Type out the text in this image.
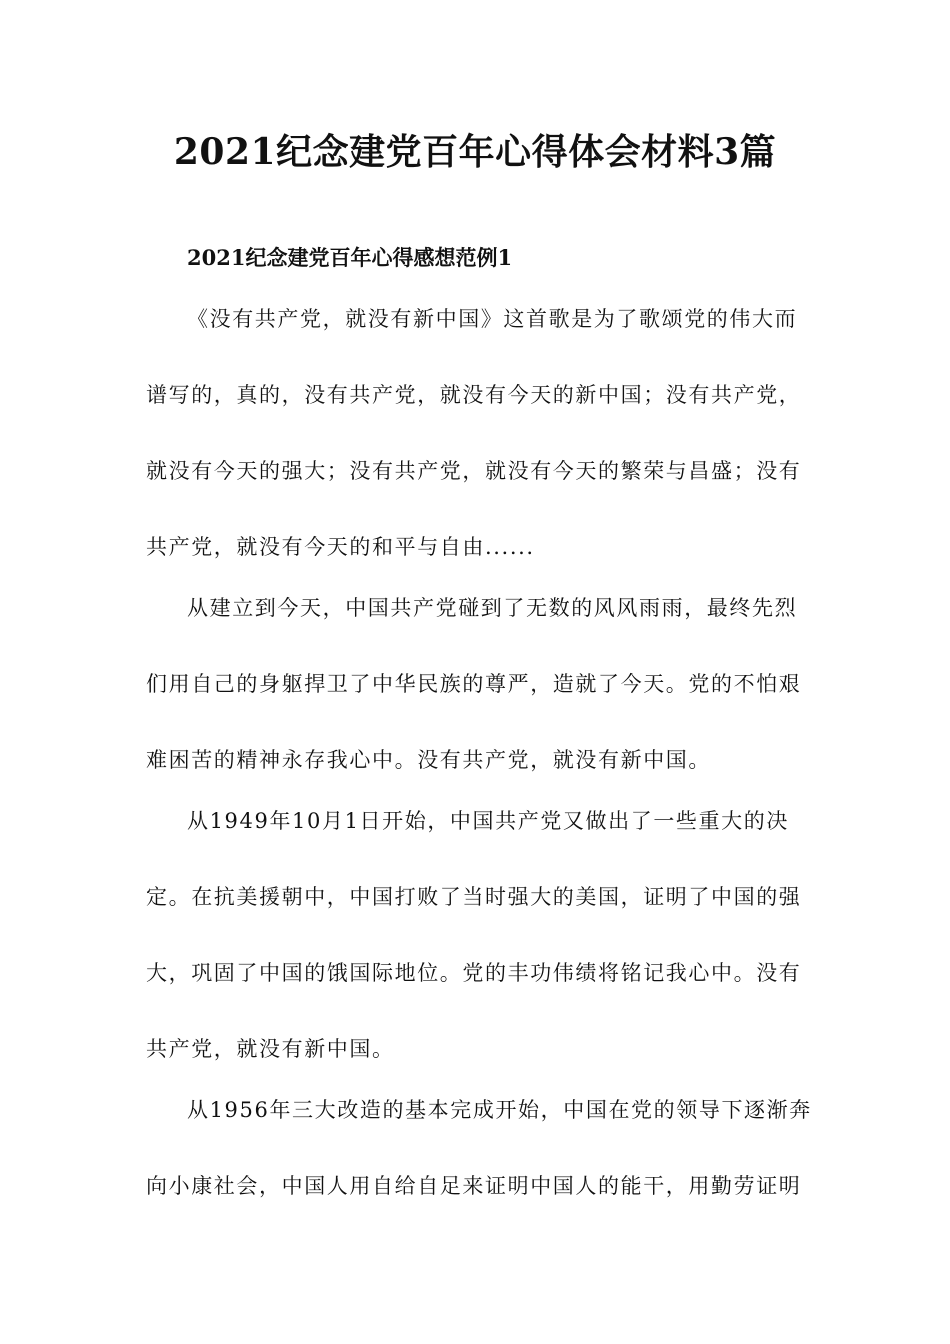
2021纪念建党百年心得体会材料3篇
2021纪念建党百年心得感想范例1

《没有共产党，就没有新中国》这首歌是为了歌颂党的伟大而

谱写的，真的，没有共产党，就没有今天的新中国；没有共产党，

就没有今天的强大；没有共产党，就没有今天的繁荣与昌盛；没有

共产党，就没有今天的和平与自由......

从建立到今天，中国共产党碰到了无数的风风雨雨，最终先烈

们用自己的身躯捍卫了中华民族的尊严，造就了今天。党的不怕艰

难困苦的精神永存我心中。没有共产党，就没有新中国。

从1949年10月1日开始，中国共产党又做出了一些重大的决

定。在抗美援朝中，中国打败了当时强大的美国，证明了中国的强

大，巩固了中国的饿国际地位。党的丰功伟绩将铭记我心中。没有

共产党，就没有新中国。

从1956年三大改造的基本完成开始，中国在党的领导下逐渐奔

向小康社会，中国人用自给自足来证明中国人的能干，用勤劳证明
